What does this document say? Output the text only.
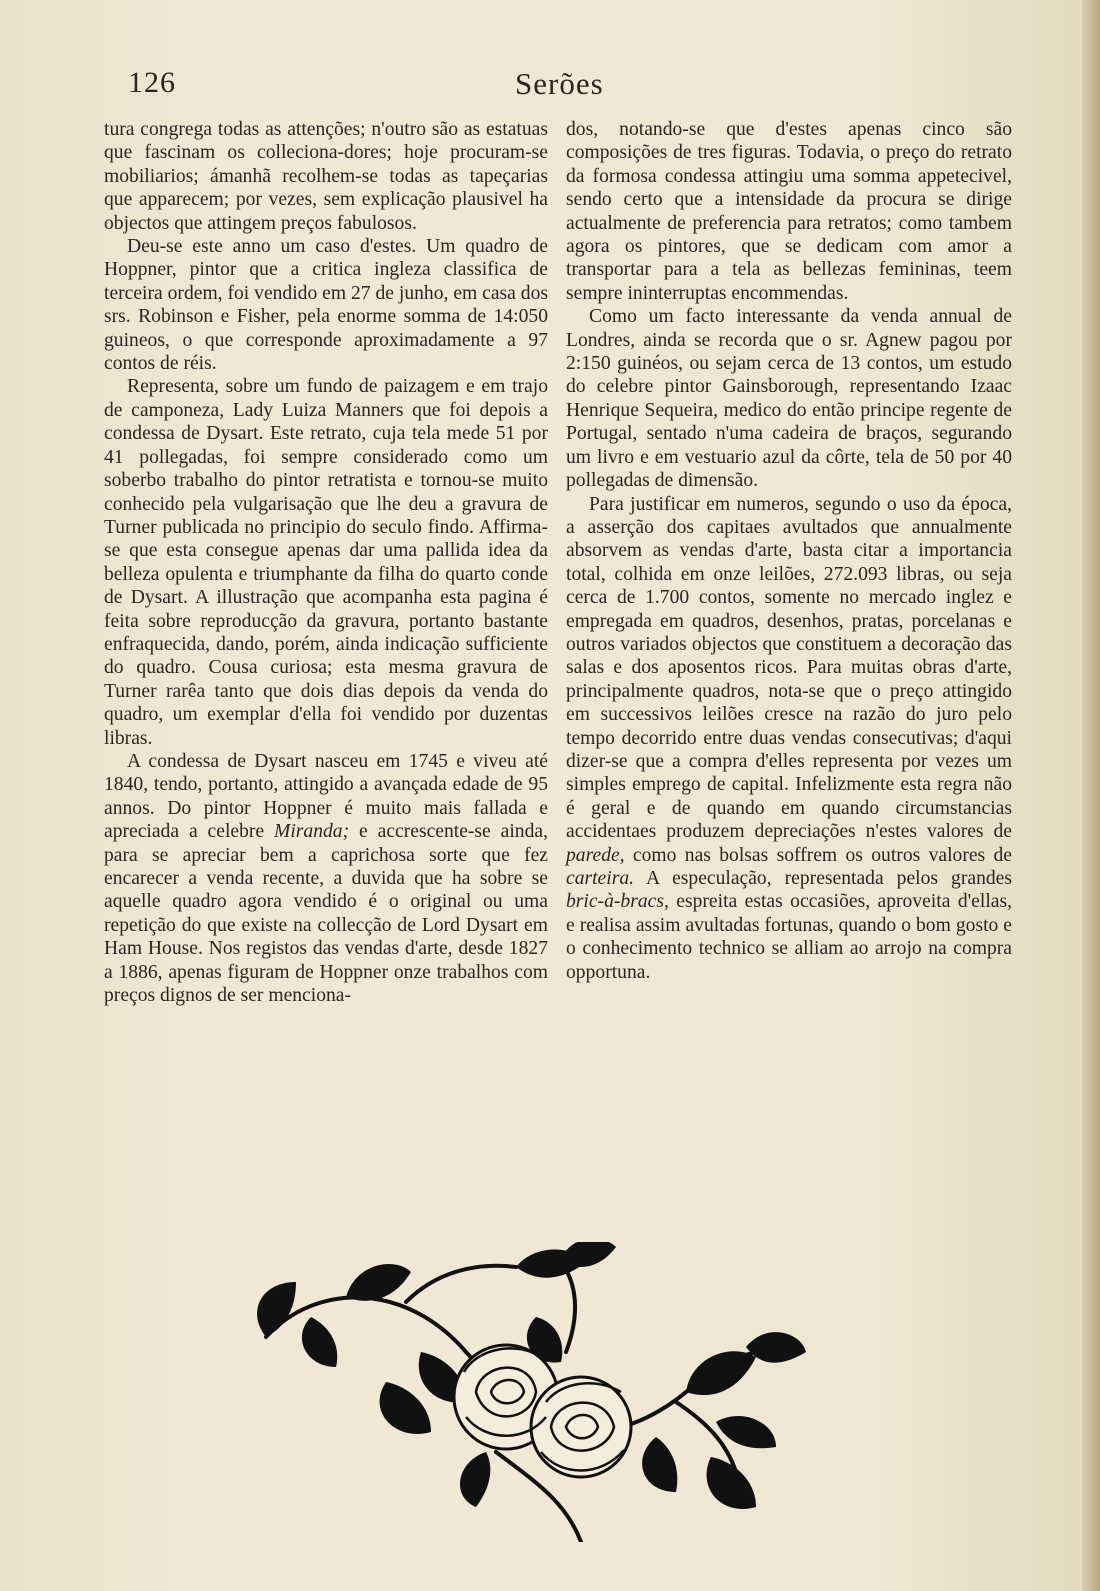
126	Serões

tura congrega todas as attenções; n'outro são as estatuas que fascinam os colleciona-dores; hoje procuram-se mobiliarios; ámanhã recolhem-se todas as tapeçarias que apparecem; por vezes, sem explicação plausivel ha objectos que attingem preços fabulosos.

Deu-se este anno um caso d'estes. Um quadro de Hoppner, pintor que a critica ingleza classifica de terceira ordem, foi vendido em 27 de junho, em casa dos srs. Robinson e Fisher, pela enorme somma de 14:050 guineos, o que corresponde aproximadamente a 97 contos de réis.

Representa, sobre um fundo de paizagem e em trajo de camponeza, Lady Luiza Manners que foi depois a condessa de Dysart. Este retrato, cuja tela mede 51 por 41 pollegadas, foi sempre considerado como um soberbo trabalho do pintor retratista e tornou-se muito conhecido pela vulgarisação que lhe deu a gravura de Turner publicada no principio do seculo findo. Affirma-se que esta consegue apenas dar uma pallida idea da belleza opulenta e triumphante da filha do quarto conde de Dysart. A illustração que acompanha esta pagina é feita sobre reproducção da gravura, portanto bastante enfraquecida, dando, porém, ainda indicação sufficiente do quadro. Cousa curiosa; esta mesma gravura de Turner rarêa tanto que dois dias depois da venda do quadro, um exemplar d'ella foi vendido por duzentas libras.

A condessa de Dysart nasceu em 1745 e viveu até 1840, tendo, portanto, attingido a avançada edade de 95 annos. Do pintor Hoppner é muito mais fallada e apreciada a celebre Miranda; e accrescente-se ainda, para se apreciar bem a caprichosa sorte que fez encarecer a venda recente, a duvida que ha sobre se aquelle quadro agora vendido é o original ou uma repetição do que existe na collecção de Lord Dysart em Ham House. Nos registos das vendas d'arte, desde 1827 a 1886, apenas figuram de Hoppner onze trabalhos com preços dignos de ser menciona-

dos, notando-se que d'estes apenas cinco são composições de tres figuras. Todavia, o preço do retrato da formosa condessa attingiu uma somma appetecivel, sendo certo que a intensidade da procura se dirige actualmente de preferencia para retratos; como tambem agora os pintores, que se dedicam com amor a transportar para a tela as bellezas femininas, teem sempre ininterruptas encommendas.

Como um facto interessante da venda annual de Londres, ainda se recorda que o sr. Agnew pagou por 2:150 guinéos, ou sejam cerca de 13 contos, um estudo do celebre pintor Gainsborough, representando Izaac Henrique Sequeira, medico do então principe regente de Portugal, sentado n'uma cadeira de braços, segurando um livro e em vestuario azul da côrte, tela de 50 por 40 pollegadas de dimensão.

Para justificar em numeros, segundo o uso da época, a asserção dos capitaes avultados que annualmente absorvem as vendas d'arte, basta citar a importancia total, colhida em onze leilões, 272.093 libras, ou seja cerca de 1.700 contos, somente no mercado inglez e empregada em quadros, desenhos, pratas, porcelanas e outros variados objectos que constituem a decoração das salas e dos aposentos ricos. Para muitas obras d'arte, principalmente quadros, nota-se que o preço attingido em successivos leilões cresce na razão do juro pelo tempo decorrido entre duas vendas consecutivas; d'aqui dizer-se que a compra d'elles representa por vezes um simples emprego de capital. Infelizmente esta regra não é geral e de quando em quando circumstancias accidentaes produzem depreciações n'estes valores de parede, como nas bolsas soffrem os outros valores de carteira. A especulação, representada pelos grandes bric-à-bracs, espreita estas occasiões, aproveita d'ellas, e realisa assim avultadas fortunas, quando o bom gosto e o conhecimento technico se alliam ao arrojo na compra opportuna.
